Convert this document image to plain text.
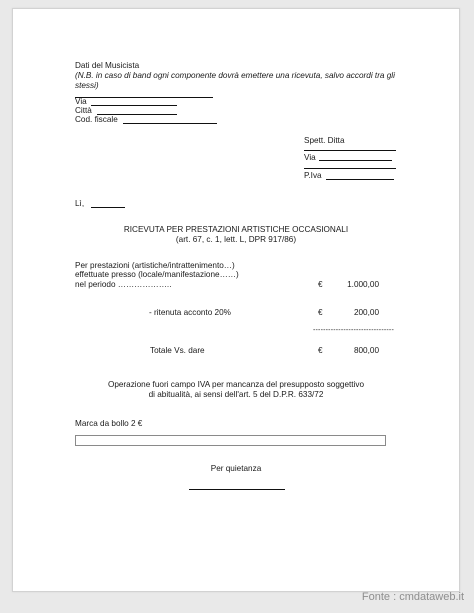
Dati del Musicista
(N.B. in caso di band ogni componente dovrà emettere una ricevuta, salvo accordi tra gli
stessi)
Via
Città
Cod. fiscale
Spett. Ditta
Via
P.Iva
Lì,
RICEVUTA PER PRESTAZIONI ARTISTICHE OCCASIONALI
(art. 67, c. 1, lett. L, DPR 917/86)
Per prestazioni (artistiche/intrattenimento…)
effettuate presso (locale/manifestazione……)
nel periodo ………………..	€	1.000,00
- ritenuta acconto 20%	€	200,00
--------------------------------
Totale Vs. dare	€	800,00
Operazione fuori campo IVA per mancanza del presupposto soggettivo
di abitualità, ai sensi dell'art. 5 del D.P.R. 633/72
Marca da bollo 2 €
Per quietanza
Fonte : cmdataweb.it
